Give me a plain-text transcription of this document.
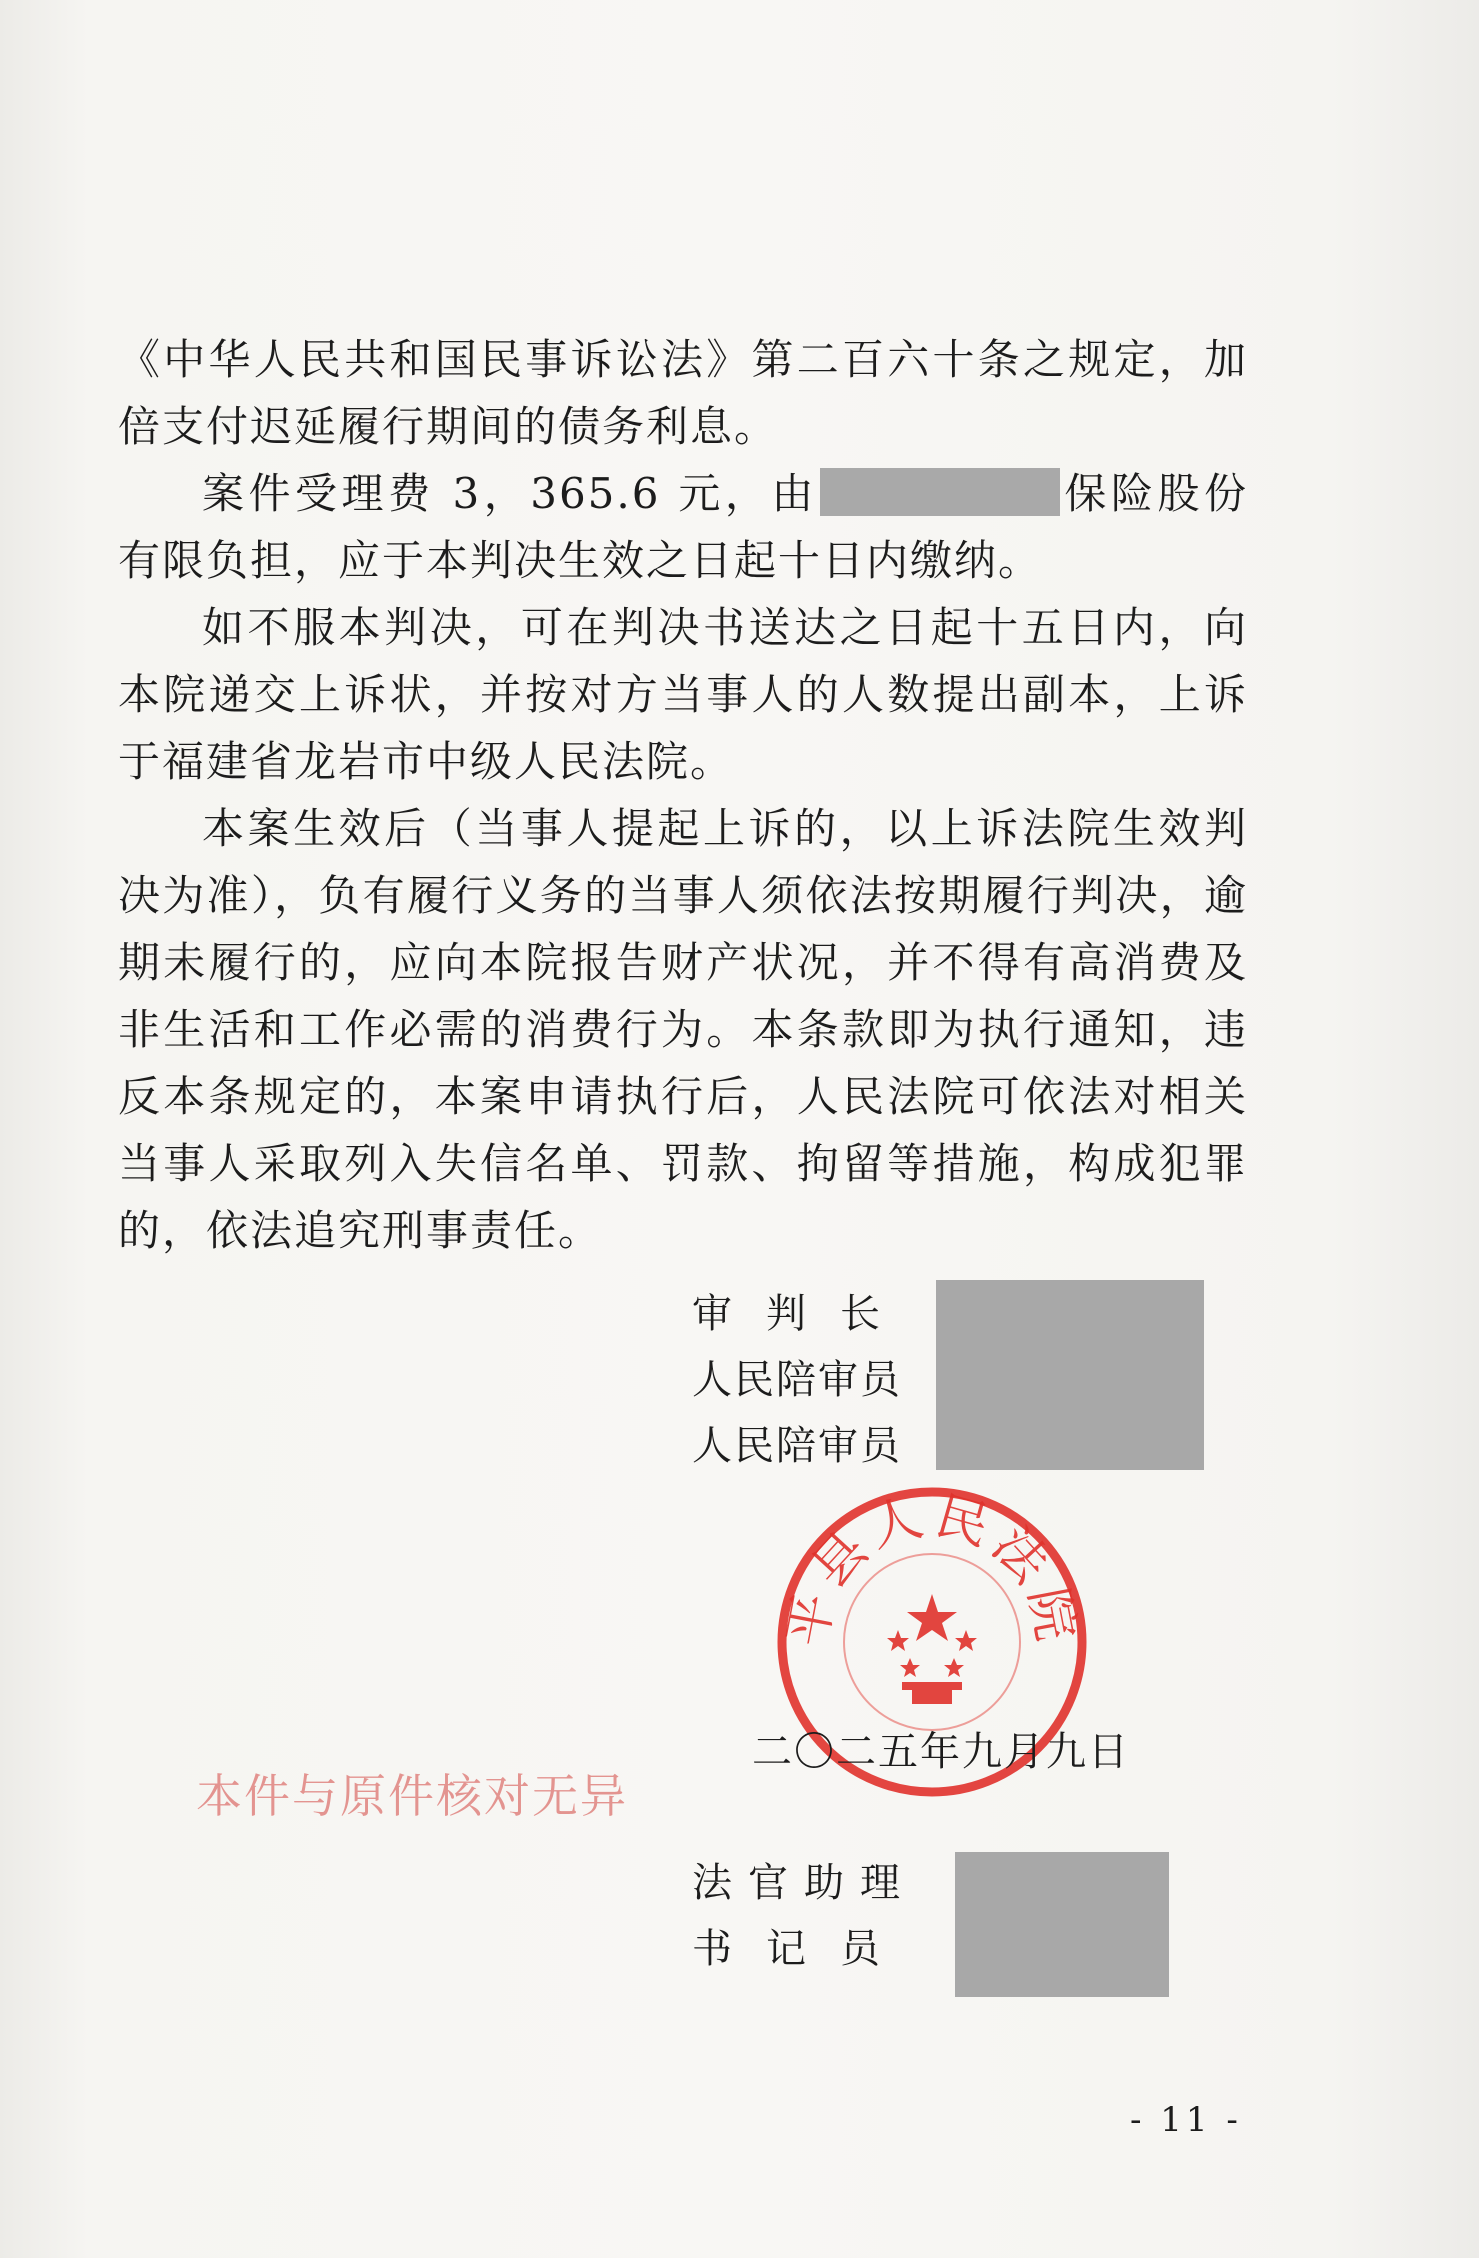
《中华人民共和国民事诉讼法》第二百六十条之规定，加倍支付迟延履行期间的债务利息。

案件受理费 3，365.6 元，由	保险股份有限负担，应于本判决生效之日起十日内缴纳。

如不服本判决，可在判决书送达之日起十五日内，向本院递交上诉状，并按对方当事人的人数提出副本，上诉于福建省龙岩市中级人民法院。

本案生效后（当事人提起上诉的，以上诉法院生效判决为准），负有履行义务的当事人须依法按期履行判决，逾期未履行的，应向本院报告财产状况，并不得有高消费及非生活和工作必需的消费行为。本条款即为执行通知，违反本条规定的，本案申请执行后，人民法院可依法对相关当事人采取列入失信名单、罚款、拘留等措施，构成犯罪的，依法追究刑事责任。

审判长
人民陪审员
人民陪审员
平县人民法院
二〇二五年九月九日
本件与原件核对无异
法官助理
书记员
- 11 -
